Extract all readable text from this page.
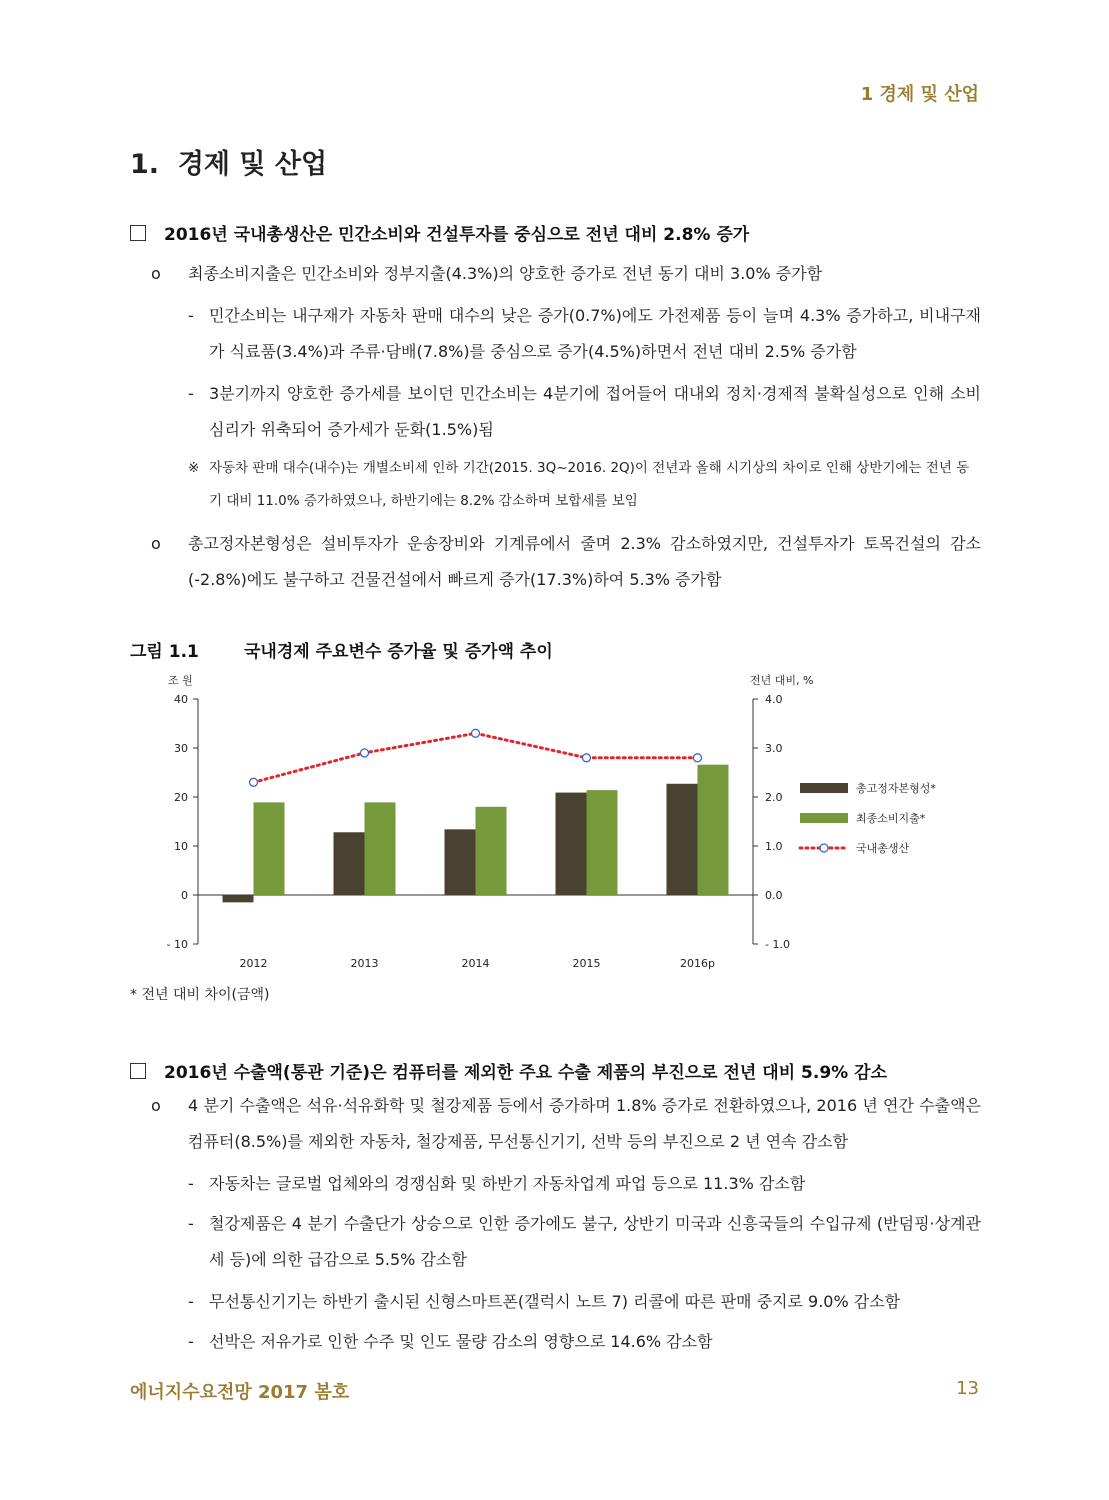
1 경제 및 산업
1.  경제 및 산업
2016년 국내총생산은 민간소비와 건설투자를 중심으로 전년 대비 2.8% 증가
o 최종소비지출은 민간소비와 정부지출(4.3%)의 양호한 증가로 전년 동기 대비 3.0% 증가함
- 민간소비는 내구재가 자동차 판매 대수의 낮은 증가(0.7%)에도 가전제품 등이 늘며 4.3% 증가하고, 비내구재가 식료품(3.4%)과 주류·담배(7.8%)를 중심으로 증가(4.5%)하면서 전년 대비 2.5% 증가함
- 3분기까지 양호한 증가세를 보이던 민간소비는 4분기에 접어들어 대내외 정치·경제적 불확실성으로 인해 소비 심리가 위축되어 증가세가 둔화(1.5%)됨
※ 자동차 판매 대수(내수)는 개별소비세 인하 기간(2015. 3Q~2016. 2Q)이 전년과 올해 시기상의 차이로 인해 상반기에는 전년 동기 대비 11.0% 증가하였으나, 하반기에는 8.2% 감소하며 보합세를 보임
o 총고정자본형성은 설비투자가 운송장비와 기계류에서 줄며 2.3% 감소하였지만, 건설투자가 토목건설의 감소(-2.8%)에도 불구하고 건물건설에서 빠르게 증가(17.3%)하여 5.3% 증가함
그림 1.1	국내경제 주요변수 증가율 및 증가액 추이
조 원	전년 대비, %
40
30
20
10
0
- 10
4.0
3.0
2.0
1.0
0.0
- 1.0
2012	2013	2014	2015	2016p
총고정자본형성*
최종소비지출*
국내총생산
* 전년 대비 차이(금액)
2016년 수출액(통관 기준)은 컴퓨터를 제외한 주요 수출 제품의 부진으로 전년 대비 5.9% 감소
o 4 분기 수출액은 석유·석유화학 및 철강제품 등에서 증가하며 1.8% 증가로 전환하였으나, 2016 년 연간 수출액은 컴퓨터(8.5%)를 제외한 자동차, 철강제품, 무선통신기기, 선박 등의 부진으로 2 년 연속 감소함
- 자동차는 글로벌 업체와의 경쟁심화 및 하반기 자동차업계 파업 등으로 11.3% 감소함
- 철강제품은 4 분기 수출단가 상승으로 인한 증가에도 불구, 상반기 미국과 신흥국들의 수입규제 (반덤핑·상계관세 등)에 의한 급감으로 5.5% 감소함
- 무선통신기기는 하반기 출시된 신형스마트폰(갤럭시 노트 7) 리콜에 따른 판매 중지로 9.0% 감소함
- 선박은 저유가로 인한 수주 및 인도 물량 감소의 영향으로 14.6% 감소함
에너지수요전망 2017 봄호	13
